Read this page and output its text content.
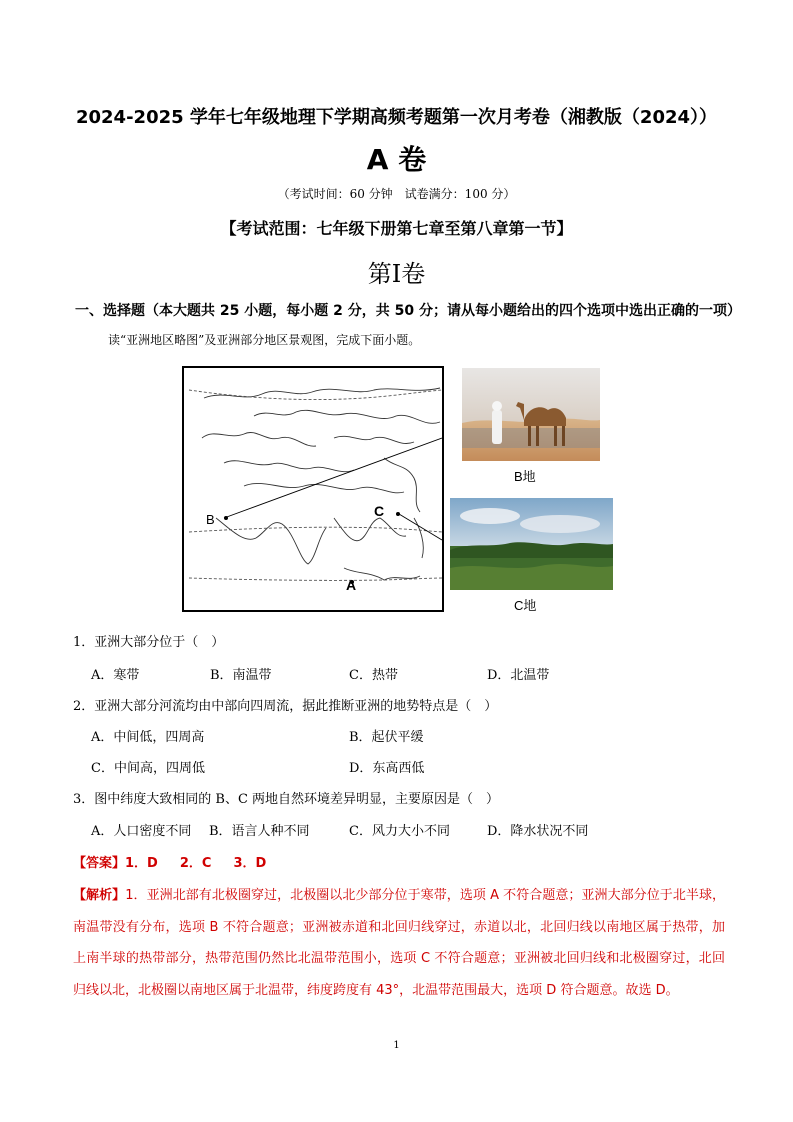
2024-2025 学年七年级地理下学期高频考题第一次月考卷（湘教版（2024））
A 卷
（考试时间：60 分钟　试卷满分：100 分）
【考试范围：七年级下册第七章至第八章第一节】
第I卷
一、选择题（本大题共 25 小题，每小题 2 分，共 50 分；请从每小题给出的四个选项中选出正确的一项）
读“亚洲地区略图”及亚洲部分地区景观图，完成下面小题。
B
C
A
B地
C地
1．亚洲大部分位于（　）
A．寒带	B．南温带	C．热带	D．北温带
2．亚洲大部分河流均由中部向四周流，据此推断亚洲的地势特点是（　）
A．中间低，四周高	B．起伏平缓
C．中间高，四周低	D．东高西低
3．图中纬度大致相同的 B、C 两地自然环境差异明显，主要原因是（　）
A．人口密度不同 B．语言人种不同	C．风力大小不同	D．降水状况不同
【答案】1．D 2．C 3．D
【解析】1．亚洲北部有北极圈穿过，北极圈以北少部分位于寒带，选项 A 不符合题意；亚洲大部分位于北半球，南温带没有分布，选项 B 不符合题意；亚洲被赤道和北回归线穿过，赤道以北，北回归线以南地区属于热带，加上南半球的热带部分，热带范围仍然比北温带范围小，选项 C 不符合题意；亚洲被北回归线和北极圈穿过，北回归线以北，北极圈以南地区属于北温带，纬度跨度有 43°，北温带范围最大，选项 D 符合题意。故选 D。
1
